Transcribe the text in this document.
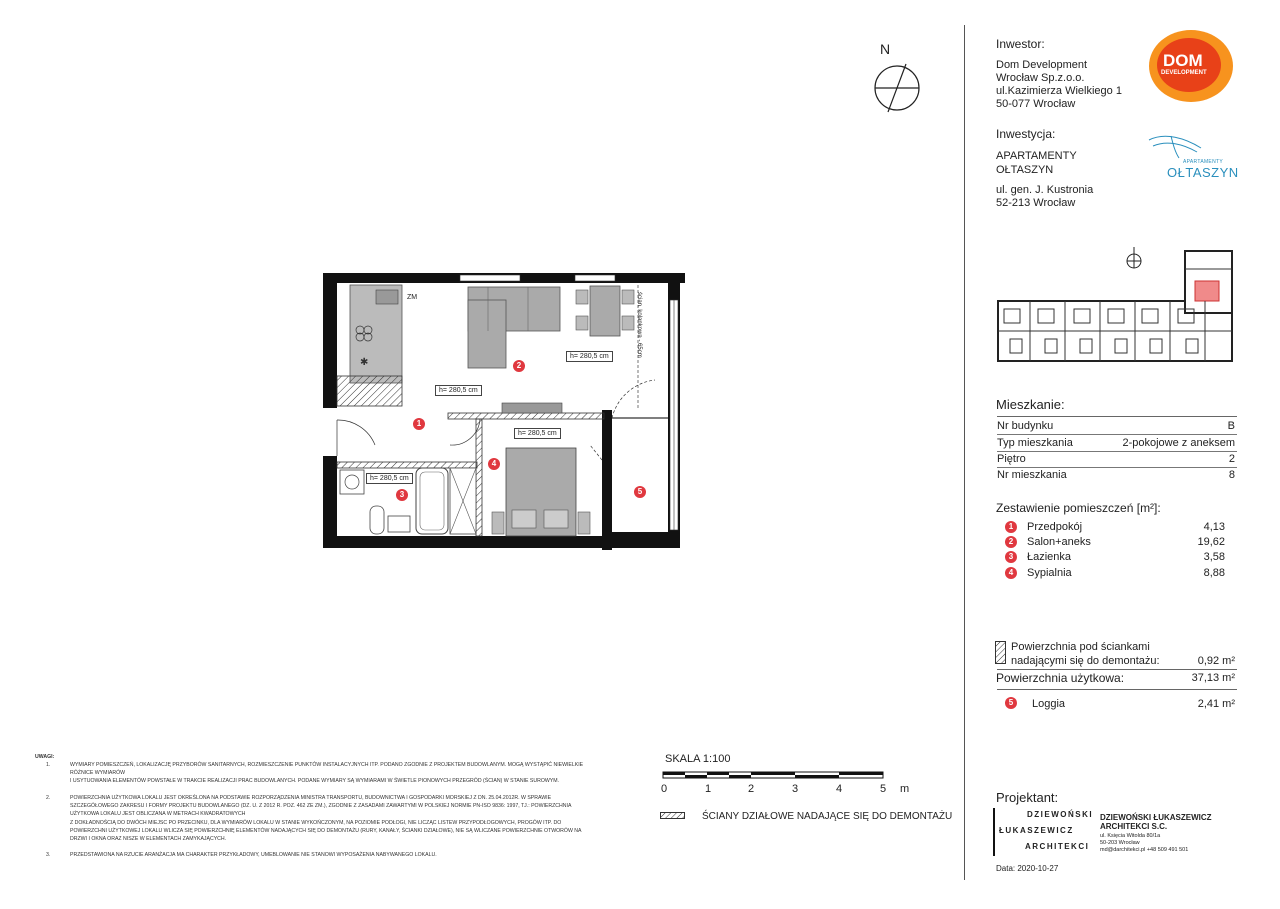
UWAGI:
1.	WYMIARY POMIESZCZEŃ, LOKALIZACJĘ PRZYBORÓW SANITARNYCH, ROZMIESZCZENIE PUNKTÓW INSTALACYJNYCH ITP. PODANO ZGODNIE Z PROJEKTEM BUDOWLANYM. MOGĄ WYSTĄPIĆ NIEWIELKIE
RÓŻNICE WYMIARÓW
I USYTUOWANIA ELEMENTÓW POWSTAŁE W TRAKCIE REALIZACJI PRAC BUDOWLANYCH. PODANE WYMIARY SĄ WYMIARAMI W ŚWIETLE PIONOWYCH PRZEGRÓD (ŚCIAN) W STANIE SUROWYM.
2.	POWIERZCHNIA UŻYTKOWA LOKALU JEST OKREŚLONA NA PODSTAWIE ROZPORZĄDZENIA MINISTRA TRANSPORTU, BUDOWNICTWA I GOSPODARKI MORSKIEJ Z DN. 25.04.2012R. W SPRAWIE
SZCZEGÓŁOWEGO ZAKRESU I FORMY PROJEKTU BUDOWLANEGO (DZ. U. Z 2012 R. POZ. 462 ZE ZM.), ZGODNIE Z ZASADAMI ZAWARTYMI W POLSKIEJ NORMIE PN-ISO 9836: 1997, TJ.: POWIERZCHNIA
UŻYTKOWA LOKALU JEST OBLICZANA W METRACH KWADRATOWYCH
Z DOKŁADNOŚCIĄ DO DWÓCH MIEJSC PO PRZECINKU, DLA WYMIARÓW LOKALU W STANIE WYKOŃCZONYM, NA POZIOMIE PODŁOGI, NIE LICZĄC LISTEW PRZYPODŁOGOWYCH, PROGÓW ITP. DO
POWIERZCHNI UŻYTKOWEJ LOKALU WLICZA SIĘ POWIERZCHNIĘ ELEMENTÓW NADAJĄCYCH SIĘ DO DEMONTAŻU (RURY, KANAŁY, ŚCIANKI DZIAŁOWE), NIE SĄ WLICZANE POWIERZCHNIE OTWORÓW NA
DRZWI I OKNA ORAZ NISZE W ELEMENTACH ZAMYKAJĄCYCH.
3.	PRZEDSTAWIONA NA RZUCIE ARANŻACJA MA CHARAKTER PRZYKŁADOWY, UMEBLOWANIE NIE STANOWI WYPOSAŻENIA NABYWANEGO LOKALU.
N
✱
ZM
h= 280,5 cm
h= 280,5 cm
h= 280,5 cm
h= 280,5 cm
ścian. kolankowa - 65cm
1
2
3
4
5
SKALA 1:100
0	1	2	3	4	5 m
ŚCIANY DZIAŁOWE NADAJĄCE SIĘ DO DEMONTAŻU
Inwestor:
Dom Development
Wrocław Sp.z.o.o.
ul.Kazimierza Wielkiego 1
50-077 Wrocław
DOM
DEVELOPMENT
Inwestycja:
APARTAMENTY
OŁTASZYN
ul. gen. J. Kustronia
52-213 Wrocław
APARTAMENTY
OŁTASZYN
Mieszkanie:
Nr budynku	B
Typ mieszkania	2-pokojowe z aneksem
Piętro	2
Nr mieszkania	8
Zestawienie pomieszczeń [m²]:
1	Przedpokój	4,13
2	Salon+aneks	19,62
3	Łazienka	3,58
4	Sypialnia	8,88
Powierzchnia pod ściankami
nadającymi się do demontażu:	0,92 m²
Powierzchnia użytkowa:	37,13 m²
5	Loggia	2,41 m²
Projektant:
DZIEWOŃSKI
ŁUKASZEWICZ
ARCHITEKCI
DZIEWOŃSKI ŁUKASZEWICZ
ARCHITEKCI S.C.
ul. Księcia Witolda 80/1a
50-203 Wrocław
md@darchitekci.pl +48 509 491 501
Data: 2020-10-27
